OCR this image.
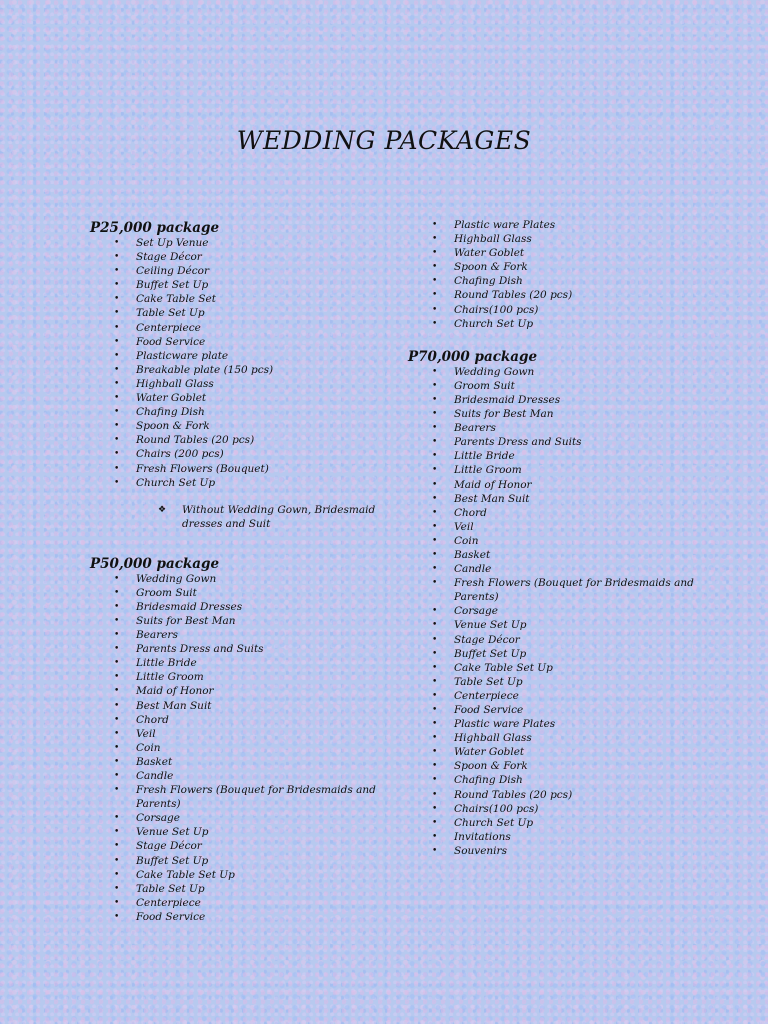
WEDDING PACKAGES
P25,000 package
• Set Up Venue
• Stage Décor
• Ceiling Décor
• Buffet Set Up
• Cake Table Set
• Table Set Up
• Centerpiece
• Food Service
• Plasticware plate
• Breakable plate (150 pcs)
• Highball Glass
• Water Goblet
• Chafing Dish
• Spoon & Fork
• Round Tables (20 pcs)
• Chairs (200 pcs)
• Fresh Flowers (Bouquet)
• Church Set Up
❖ Without Wedding Gown, Bridesmaid dresses and Suit
P50,000 package
• Wedding Gown
• Groom Suit
• Bridesmaid Dresses
• Suits for Best Man
• Bearers
• Parents Dress and Suits
• Little Bride
• Little Groom
• Maid of Honor
• Best Man Suit
• Chord
• Veil
• Coin
• Basket
• Candle
• Fresh Flowers (Bouquet for Bridesmaids and Parents)
• Corsage
• Venue Set Up
• Stage Décor
• Buffet Set Up
• Cake Table Set Up
• Table Set Up
• Centerpiece
• Food Service
• Plastic ware Plates
• Highball Glass
• Water Goblet
• Spoon & Fork
• Chafing Dish
• Round Tables (20 pcs)
• Chairs(100 pcs)
• Church Set Up
P70,000 package
• Wedding Gown
• Groom Suit
• Bridesmaid Dresses
• Suits for Best Man
• Bearers
• Parents Dress and Suits
• Little Bride
• Little Groom
• Maid of Honor
• Best Man Suit
• Chord
• Veil
• Coin
• Basket
• Candle
• Fresh Flowers (Bouquet for Bridesmaids and Parents)
• Corsage
• Venue Set Up
• Stage Décor
• Buffet Set Up
• Cake Table Set Up
• Table Set Up
• Centerpiece
• Food Service
• Plastic ware Plates
• Highball Glass
• Water Goblet
• Spoon & Fork
• Chafing Dish
• Round Tables (20 pcs)
• Chairs(100 pcs)
• Church Set Up
• Invitations
• Souvenirs
